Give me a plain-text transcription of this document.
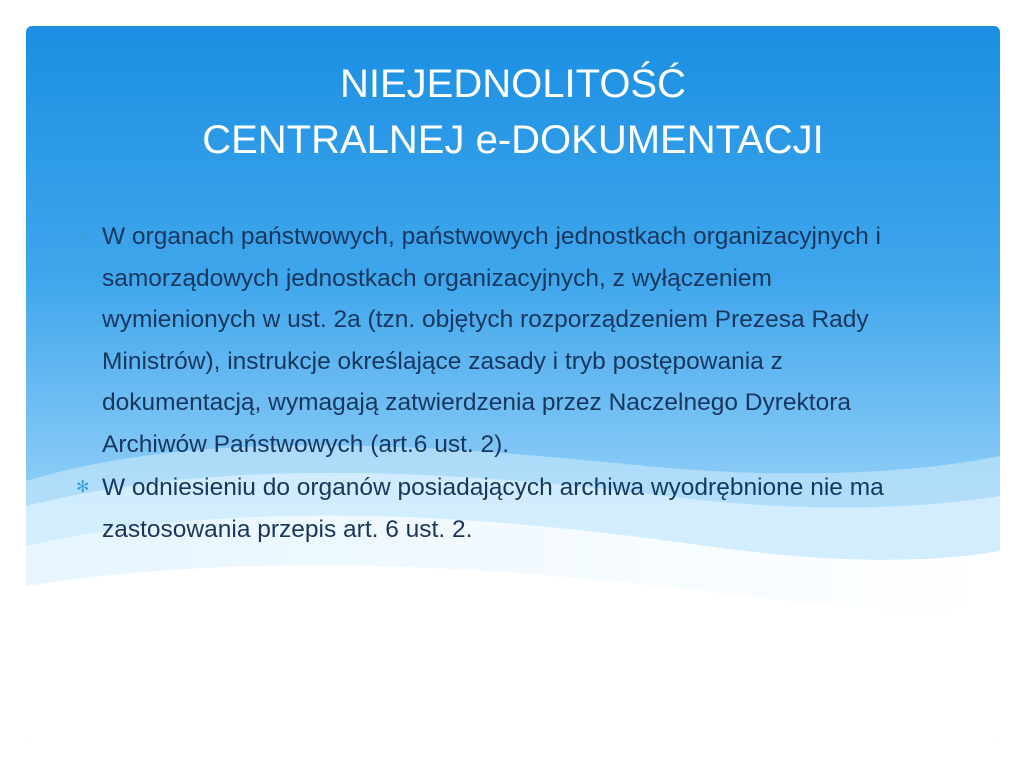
NIEJEDNOLITOŚĆ
CENTRALNEJ e-DOKUMENTACJI
✻ W organach państwowych, państwowych jednostkach organizacyjnych i samorządowych jednostkach organizacyjnych, z wyłączeniem wymienionych w ust. 2a (tzn. objętych rozporządzeniem Prezesa Rady Ministrów), instrukcje określające zasady i tryb postępowania z dokumentacją, wymagają zatwierdzenia przez Naczelnego Dyrektora Archiwów Państwowych (art.6 ust. 2).
✻ W odniesieniu do organów posiadających archiwa wyodrębnione nie ma zastosowania przepis art. 6 ust. 2.
